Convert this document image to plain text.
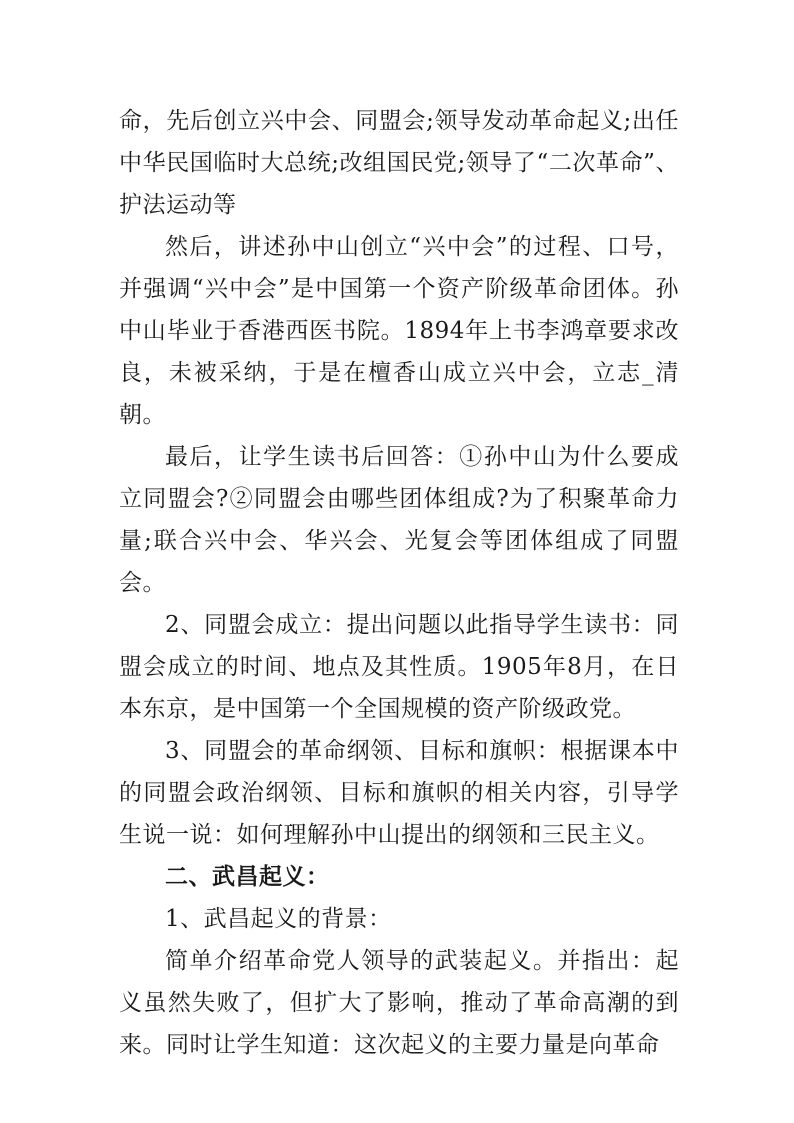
命，先后创立兴中会、同盟会;领导发动革命起义;出任中华民国临时大总统;改组国民党;领导了“二次革命”、护法运动等

然后，讲述孙中山创立“兴中会”的过程、口号，并强调“兴中会”是中国第一个资产阶级革命团体。孙中山毕业于香港西医书院。1894年上书李鸿章要求改良，未被采纳，于是在檀香山成立兴中会，立志_清朝。

最后，让学生读书后回答：①孙中山为什么要成立同盟会?②同盟会由哪些团体组成?为了积聚革命力量;联合兴中会、华兴会、光复会等团体组成了同盟会。

2、同盟会成立：提出问题以此指导学生读书：同盟会成立的时间、地点及其性质。1905年8月，在日本东京，是中国第一个全国规模的资产阶级政党。

3、同盟会的革命纲领、目标和旗帜：根据课本中的同盟会政治纲领、目标和旗帜的相关内容，引导学生说一说：如何理解孙中山提出的纲领和三民主义。

二、武昌起义：

1、武昌起义的背景：

简单介绍革命党人领导的武装起义。并指出：起义虽然失败了，但扩大了影响，推动了革命高潮的到来。同时让学生知道：这次起义的主要力量是向革命
